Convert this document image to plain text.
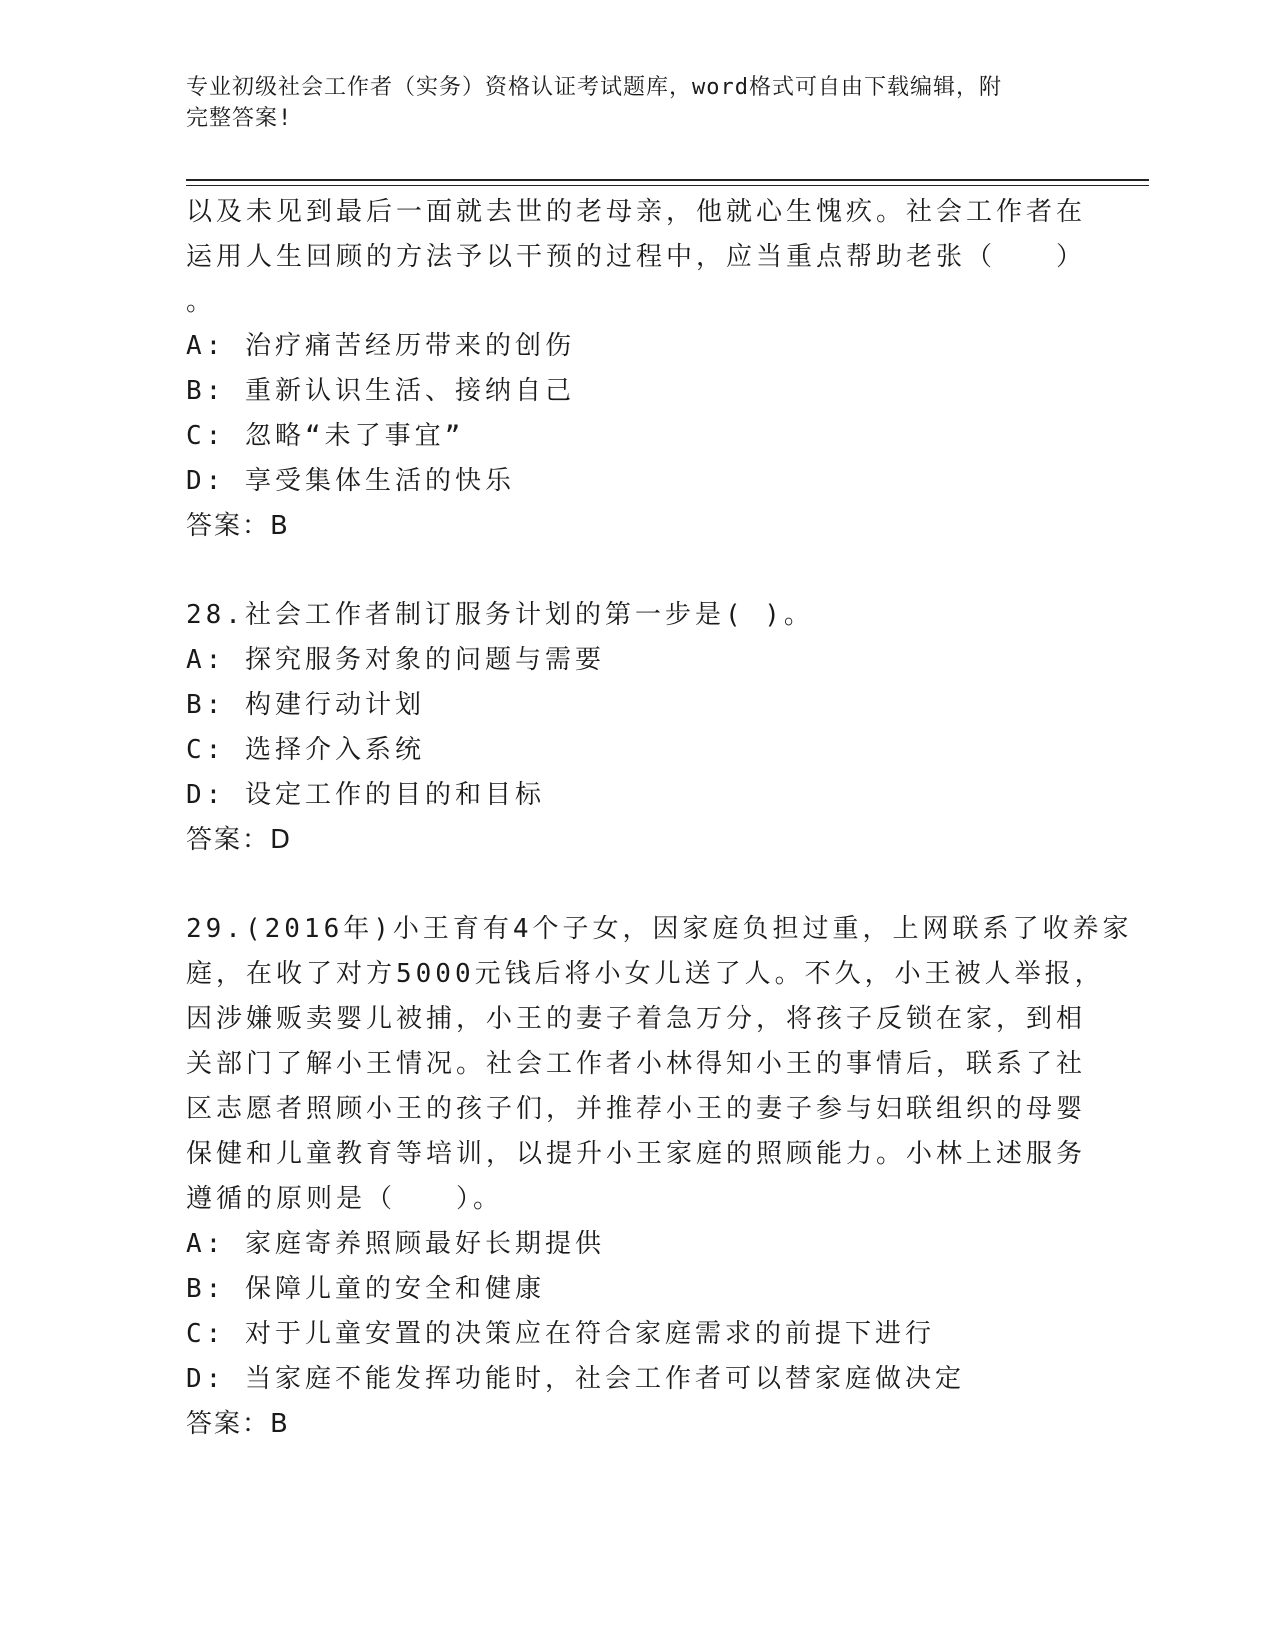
专业初级社会工作者（实务）资格认证考试题库，word格式可自由下载编辑，附
完整答案!
以及未见到最后一面就去世的老母亲，他就心生愧疚。社会工作者在
运用人生回顾的方法予以干预的过程中，应当重点帮助老张（　　）
。
A: 治疗痛苦经历带来的创伤
B: 重新认识生活、接纳自己
C: 忽略“未了事宜”
D: 享受集体生活的快乐
答案：B
28.社会工作者制订服务计划的第一步是( )。
A: 探究服务对象的问题与需要
B: 构建行动计划
C: 选择介入系统
D: 设定工作的目的和目标
答案：D
29.(2016年)小王育有4个子女，因家庭负担过重，上网联系了收养家
庭，在收了对方5000元钱后将小女儿送了人。不久，小王被人举报，
因涉嫌贩卖婴儿被捕，小王的妻子着急万分，将孩子反锁在家，到相
关部门了解小王情况。社会工作者小林得知小王的事情后，联系了社
区志愿者照顾小王的孩子们，并推荐小王的妻子参与妇联组织的母婴
保健和儿童教育等培训，以提升小王家庭的照顾能力。小林上述服务
遵循的原则是（　　）。
A: 家庭寄养照顾最好长期提供
B: 保障儿童的安全和健康
C: 对于儿童安置的决策应在符合家庭需求的前提下进行
D: 当家庭不能发挥功能时，社会工作者可以替家庭做决定
答案：B
